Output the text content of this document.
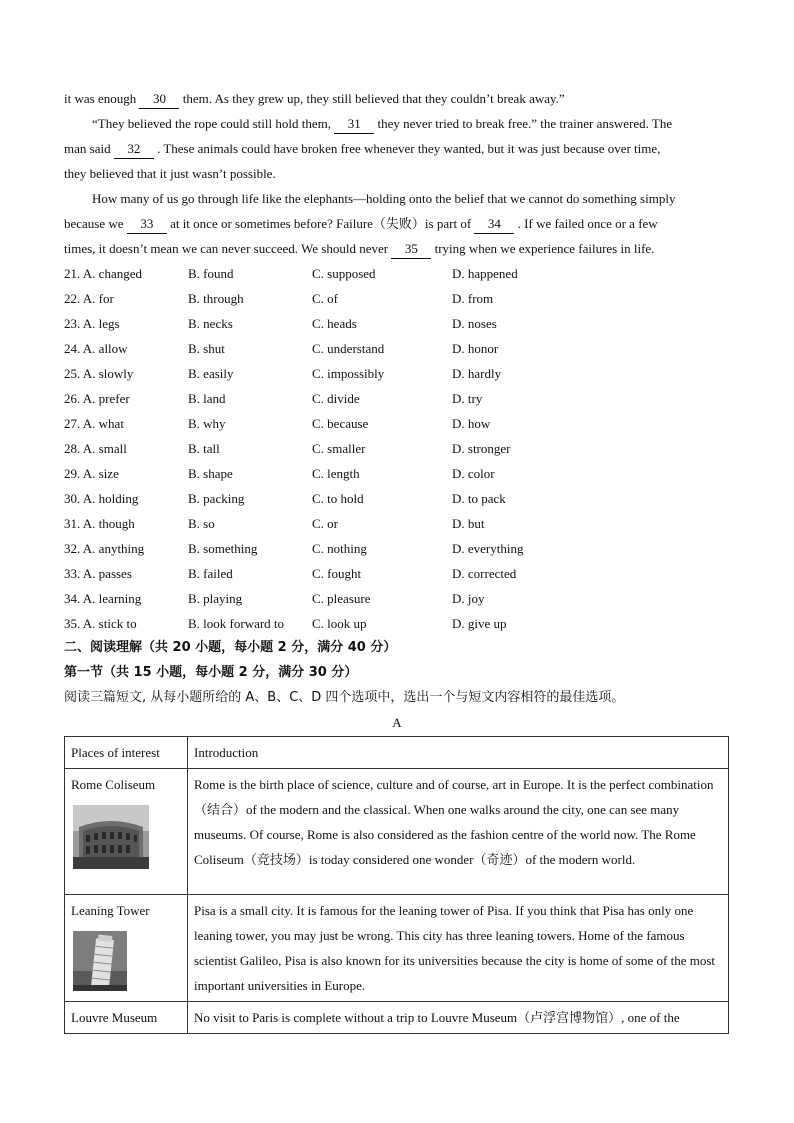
it was enough 30 them. As they grew up, they still believed that they couldn’t break away.”
“They believed the rope could still hold them, 31 they never tried to break free.” the trainer answered. The
man said 32 . These animals could have broken free whenever they wanted, but it was just because over time,
they believed that it just wasn’t possible.
How many of us go through life like the elephants—holding onto the belief that we cannot do something simply
because we 33 at it once or sometimes before? Failure（失败）is part of 34 . If we failed once or a few
times, it doesn’t mean we can never succeed. We should never 35 trying when we experience failures in life.
21. A. changed	B. found	C. supposed	D. happened
22. A. for	B. through	C. of	D. from
23. A. legs	B. necks	C. heads	D. noses
24. A. allow	B. shut	C. understand	D. honor
25. A. slowly	B. easily	C. impossibly	D. hardly
26. A. prefer	B. land	C. divide	D. try
27. A. what	B. why	C. because	D. how
28. A. small	B. tall	C. smaller	D. stronger
29. A. size	B. shape	C. length	D. color
30. A. holding	B. packing	C. to hold	D. to pack
31. A. though	B. so	C. or	D. but
32. A. anything	B. something	C. nothing	D. everything
33. A. passes	B. failed	C. fought	D. corrected
34. A. learning	B. playing	C. pleasure	D. joy
35. A. stick to	B. look forward to C. look up	D. give up
二、阅读理解（共 20 小题，每小题 2 分，满分 40 分）
第一节（共 15 小题，每小题 2 分，满分 30 分）
阅读三篇短文, 从每小题所给的 A、B、C、D 四个选项中，选出一个与短文内容相符的最佳选项。
A
Places of interest	Introduction

Rome Coliseum	Rome is the birth place of science, culture and of course, art in Europe. It is the perfect combination（结合）of the modern and the classical. When one walks around the city, one can see many museums. Of course, Rome is also considered as the fashion centre of the world now. The Rome Coliseum（竞技场）is today considered one wonder（奇迹）of the modern world.

Leaning Tower	Pisa is a small city. It is famous for the leaning tower of Pisa. If you think that Pisa has only one leaning tower, you may just be wrong. This city has three leaning towers. Home of the famous scientist Galileo, Pisa is also known for its universities because the city is home of some of the most important universities in Europe.

Louvre Museum	No visit to Paris is complete without a trip to Louvre Museum（卢浮宫博物馆）, one of the
